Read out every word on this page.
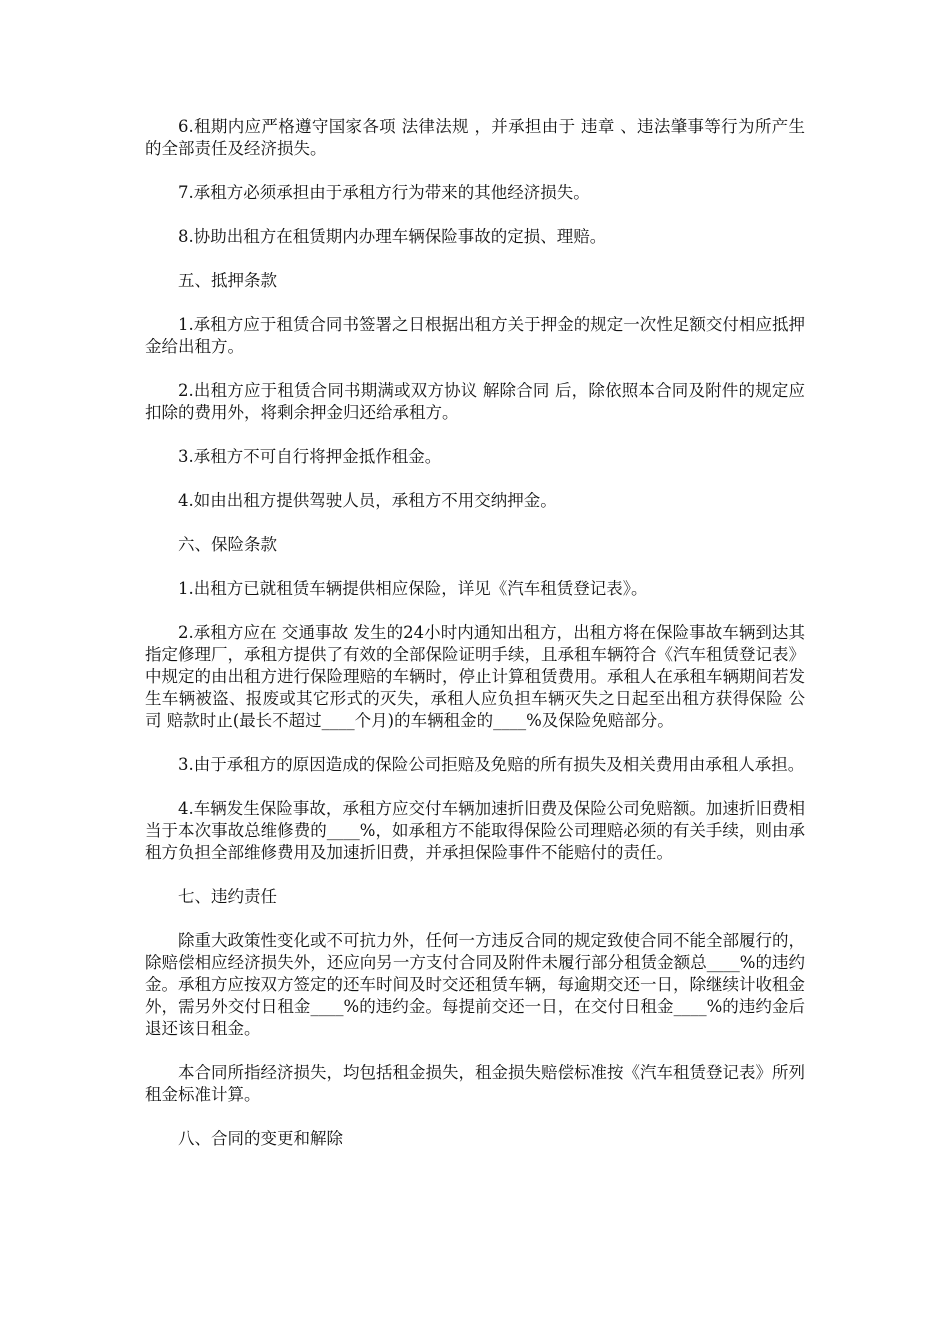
6.租期内应严格遵守国家各项 法律法规 ，并承担由于 违章 、违法肇事等行为所产生的全部责任及经济损失。

7.承租方必须承担由于承租方行为带来的其他经济损失。

8.协助出租方在租赁期内办理车辆保险事故的定损、理赔。

五、抵押条款

1.承租方应于租赁合同书签署之日根据出租方关于押金的规定一次性足额交付相应抵押金给出租方。

2.出租方应于租赁合同书期满或双方协议 解除合同 后，除依照本合同及附件的规定应扣除的费用外，将剩余押金归还给承租方。

3.承租方不可自行将押金抵作租金。

4.如由出租方提供驾驶人员，承租方不用交纳押金。

六、保险条款

1.出租方已就租赁车辆提供相应保险，详见《汽车租赁登记表》。

2.承租方应在 交通事故 发生的24小时内通知出租方，出租方将在保险事故车辆到达其指定修理厂，承租方提供了有效的全部保险证明手续，且承租车辆符合《汽车租赁登记表》中规定的由出租方进行保险理赔的车辆时，停止计算租赁费用。承租人在承租车辆期间若发生车辆被盗、报废或其它形式的灭失，承租人应负担车辆灭失之日起至出租方获得保险 公司 赔款时止(最长不超过____个月)的车辆租金的____%及保险免赔部分。

3.由于承租方的原因造成的保险公司拒赔及免赔的所有损失及相关费用由承租人承担。

4.车辆发生保险事故，承租方应交付车辆加速折旧费及保险公司免赔额。加速折旧费相当于本次事故总维修费的____%，如承租方不能取得保险公司理赔必须的有关手续，则由承租方负担全部维修费用及加速折旧费，并承担保险事件不能赔付的责任。

七、违约责任

除重大政策性变化或不可抗力外，任何一方违反合同的规定致使合同不能全部履行的，除赔偿相应经济损失外，还应向另一方支付合同及附件未履行部分租赁金额总____%的违约金。承租方应按双方签定的还车时间及时交还租赁车辆，每逾期交还一日，除继续计收租金外，需另外交付日租金____%的违约金。每提前交还一日，在交付日租金____%的违约金后退还该日租金。

本合同所指经济损失，均包括租金损失，租金损失赔偿标准按《汽车租赁登记表》所列租金标准计算。

八、合同的变更和解除
